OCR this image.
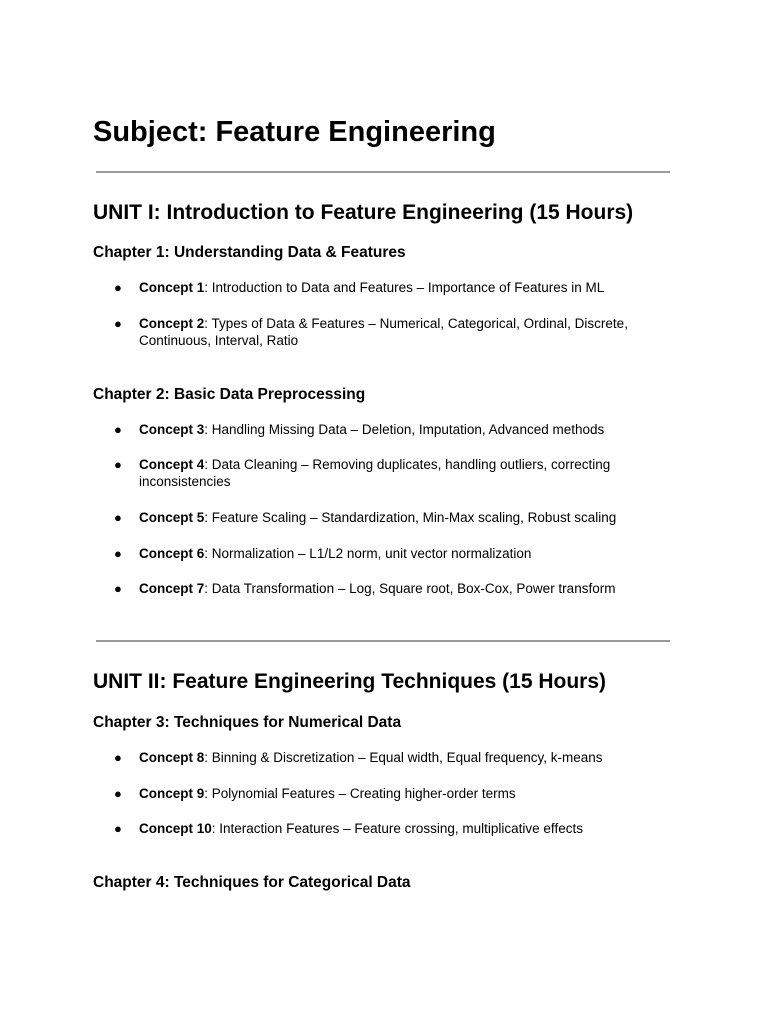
Subject: Feature Engineering
UNIT I: Introduction to Feature Engineering (15 Hours)
Chapter 1: Understanding Data & Features
● Concept 1: Introduction to Data and Features – Importance of Features in ML
● Concept 2: Types of Data & Features – Numerical, Categorical, Ordinal, Discrete, Continuous, Interval, Ratio
Chapter 2: Basic Data Preprocessing
● Concept 3: Handling Missing Data – Deletion, Imputation, Advanced methods
● Concept 4: Data Cleaning – Removing duplicates, handling outliers, correcting inconsistencies
● Concept 5: Feature Scaling – Standardization, Min-Max scaling, Robust scaling
● Concept 6: Normalization – L1/L2 norm, unit vector normalization
● Concept 7: Data Transformation – Log, Square root, Box-Cox, Power transform
UNIT II: Feature Engineering Techniques (15 Hours)
Chapter 3: Techniques for Numerical Data
● Concept 8: Binning & Discretization – Equal width, Equal frequency, k-means
● Concept 9: Polynomial Features – Creating higher-order terms
● Concept 10: Interaction Features – Feature crossing, multiplicative effects
Chapter 4: Techniques for Categorical Data
